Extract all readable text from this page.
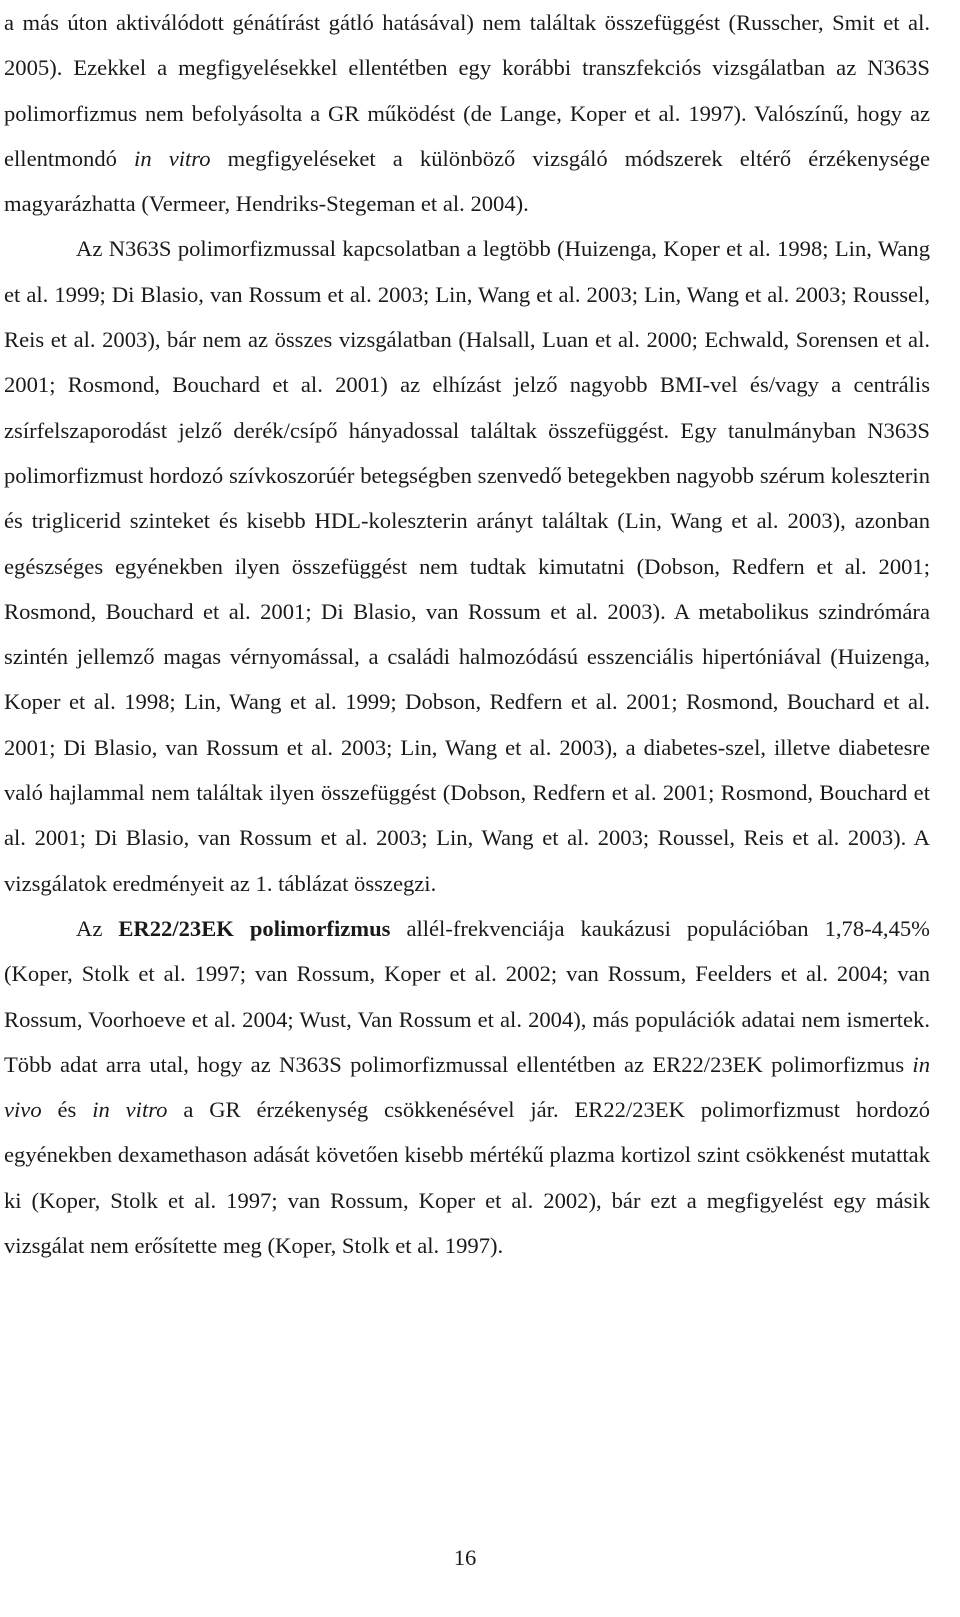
a más úton aktiválódott génátírást gátló hatásával) nem találtak összefüggést (Russcher, Smit et al. 2005). Ezekkel a megfigyelésekkel ellentétben egy korábbi transzfekciós vizsgálatban az N363S polimorfizmus nem befolyásolta a GR működést (de Lange, Koper et al. 1997). Valószínű, hogy az ellentmondó in vitro megfigyeléseket a különböző vizsgáló módszerek eltérő érzékenysége magyarázhatta (Vermeer, Hendriks-Stegeman et al. 2004).

Az N363S polimorfizmussal kapcsolatban a legtöbb (Huizenga, Koper et al. 1998; Lin, Wang et al. 1999; Di Blasio, van Rossum et al. 2003; Lin, Wang et al. 2003; Lin, Wang et al. 2003; Roussel, Reis et al. 2003), bár nem az összes vizsgálatban (Halsall, Luan et al. 2000; Echwald, Sorensen et al. 2001; Rosmond, Bouchard et al. 2001) az elhízást jelző nagyobb BMI-vel és/vagy a centrális zsírfelszaporodást jelző derék/csípő hányadossal találtak összefüggést. Egy tanulmányban N363S polimorfizmust hordozó szívkoszorúér betegségben szenvedő betegekben nagyobb szérum koleszterin és triglicerid szinteket és kisebb HDL-koleszterin arányt találtak (Lin, Wang et al. 2003), azonban egészséges egyénekben ilyen összefüggést nem tudtak kimutatni (Dobson, Redfern et al. 2001; Rosmond, Bouchard et al. 2001; Di Blasio, van Rossum et al. 2003). A metabolikus szindrómára szintén jellemző magas vérnyomással, a családi halmozódású esszenciális hipertóniával (Huizenga, Koper et al. 1998; Lin, Wang et al. 1999; Dobson, Redfern et al. 2001; Rosmond, Bouchard et al. 2001; Di Blasio, van Rossum et al. 2003; Lin, Wang et al. 2003), a diabetes-szel, illetve diabetesre való hajlammal nem találtak ilyen összefüggést (Dobson, Redfern et al. 2001; Rosmond, Bouchard et al. 2001; Di Blasio, van Rossum et al. 2003; Lin, Wang et al. 2003; Roussel, Reis et al. 2003). A vizsgálatok eredményeit az 1. táblázat összegzi.

Az ER22/23EK polimorfizmus allél-frekvenciája kaukázusi populációban 1,78-4,45% (Koper, Stolk et al. 1997; van Rossum, Koper et al. 2002; van Rossum, Feelders et al. 2004; van Rossum, Voorhoeve et al. 2004; Wust, Van Rossum et al. 2004), más populációk adatai nem ismertek. Több adat arra utal, hogy az N363S polimorfizmussal ellentétben az ER22/23EK polimorfizmus in vivo és in vitro a GR érzékenység csökkenésével jár. ER22/23EK polimorfizmust hordozó egyénekben dexamethason adását követően kisebb mértékű plazma kortizol szint csökkenést mutattak ki (Koper, Stolk et al. 1997; van Rossum, Koper et al. 2002), bár ezt a megfigyelést egy másik vizsgálat nem erősítette meg (Koper, Stolk et al. 1997).

16
